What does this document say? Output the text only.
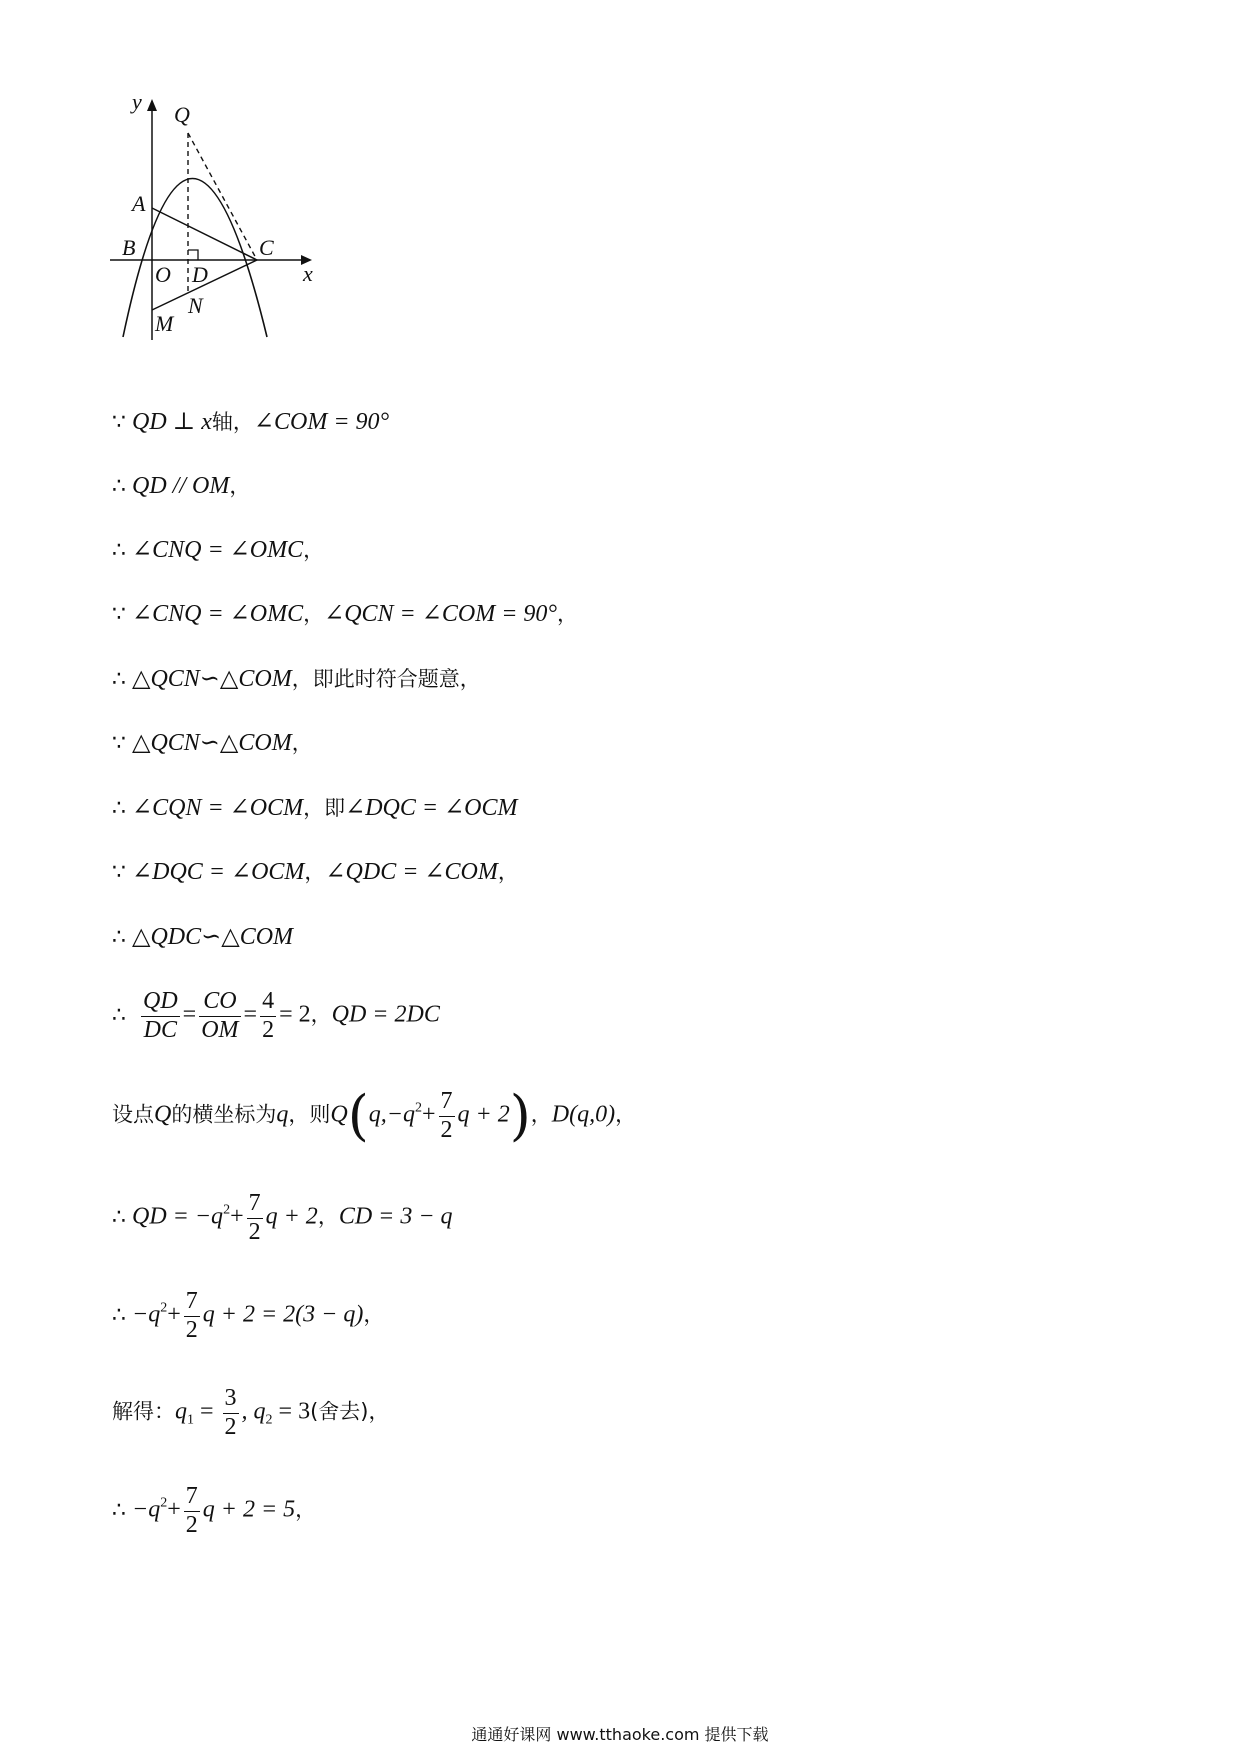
y
x
Q
A
B	C
O D
N
M
∵ QD ⊥ x轴，∠COM = 90°
∴ QD // OM，
∴ ∠CNQ = ∠OMC，
∵ ∠CNQ = ∠OMC，∠QCN = ∠COM = 90°，
∴ △QCN∽△COM，即此时符合题意，
∵ △QCN∽△COM，
∴ ∠CQN = ∠OCM，即∠DQC = ∠OCM
∵ ∠DQC = ∠OCM，∠QDC = ∠COM，
∴ △QDC∽△COM
∴ $\frac{QD}{DC} = \frac{CO}{OM} = \frac{4}{2} = 2$，QD = 2DC
设点Q的横坐标为q，则$Q(q,-q^2+ \frac{7}{2}$ q + 2)，D(q,0)，
∴ QD = $-q^2+ \frac{7}{2}$ q + 2，CD = 3 − q
∴ $-q^2+ \frac{7}{2}$ q + 2 = 2(3 − q)，
解得：$q_1 = \frac{3}{2}$ , $q_2 = 3$(舍去)，
∴ $-q^2+ \frac{7}{2}$ q + 2 = 5，
通通好课网 www.tthaoke.com 提供下载
